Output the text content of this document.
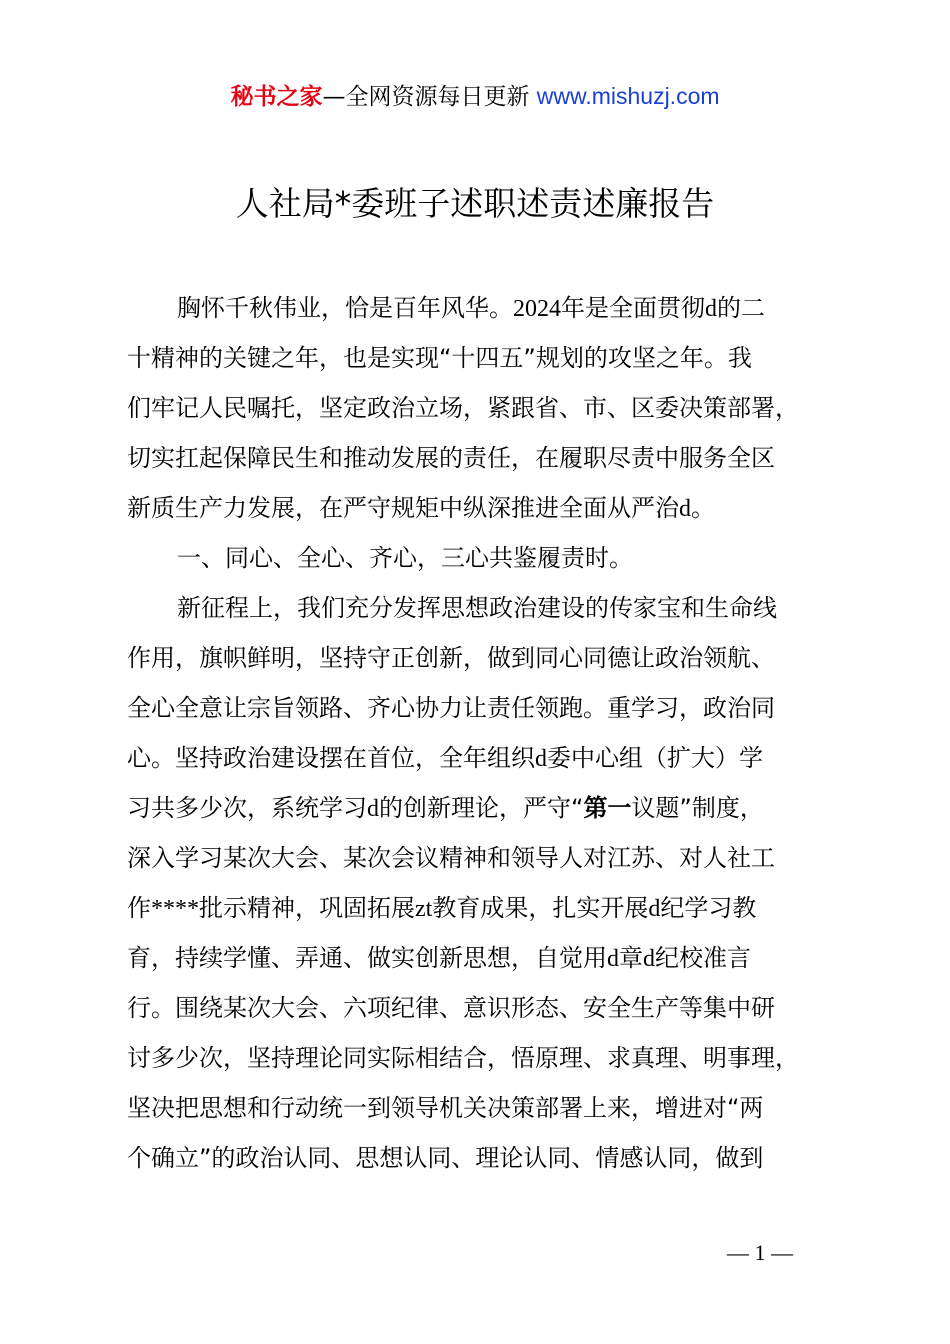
秘书之家—全网资源每日更新 www.mishuzj.com
人社局*委班子述职述责述廉报告
胸怀千秋伟业，恰是百年风华。2024年是全面贯彻d的二
十精神的关键之年，也是实现“十四五”规划的攻坚之年。我
们牢记人民嘱托，坚定政治立场，紧跟省、市、区委决策部署，
切实扛起保障民生和推动发展的责任，在履职尽责中服务全区
新质生产力发展，在严守规矩中纵深推进全面从严治d。
一、同心、全心、齐心，三心共鉴履责时。
新征程上，我们充分发挥思想政治建设的传家宝和生命线
作用，旗帜鲜明，坚持守正创新，做到同心同德让政治领航、
全心全意让宗旨领路、齐心协力让责任领跑。重学习，政治同
心。坚持政治建设摆在首位，全年组织d委中心组（扩大）学
习共多少次，系统学习d的创新理论，严守“第一议题”制度，
深入学习某次大会、某次会议精神和领导人对江苏、对人社工
作****批示精神，巩固拓展zt教育成果，扎实开展d纪学习教
育，持续学懂、弄通、做实创新思想，自觉用d章d纪校准言
行。围绕某次大会、六项纪律、意识形态、安全生产等集中研
讨多少次，坚持理论同实际相结合，悟原理、求真理、明事理，
坚决把思想和行动统一到领导机关决策部署上来，增进对“两
个确立”的政治认同、思想认同、理论认同、情感认同，做到
— 1 —
